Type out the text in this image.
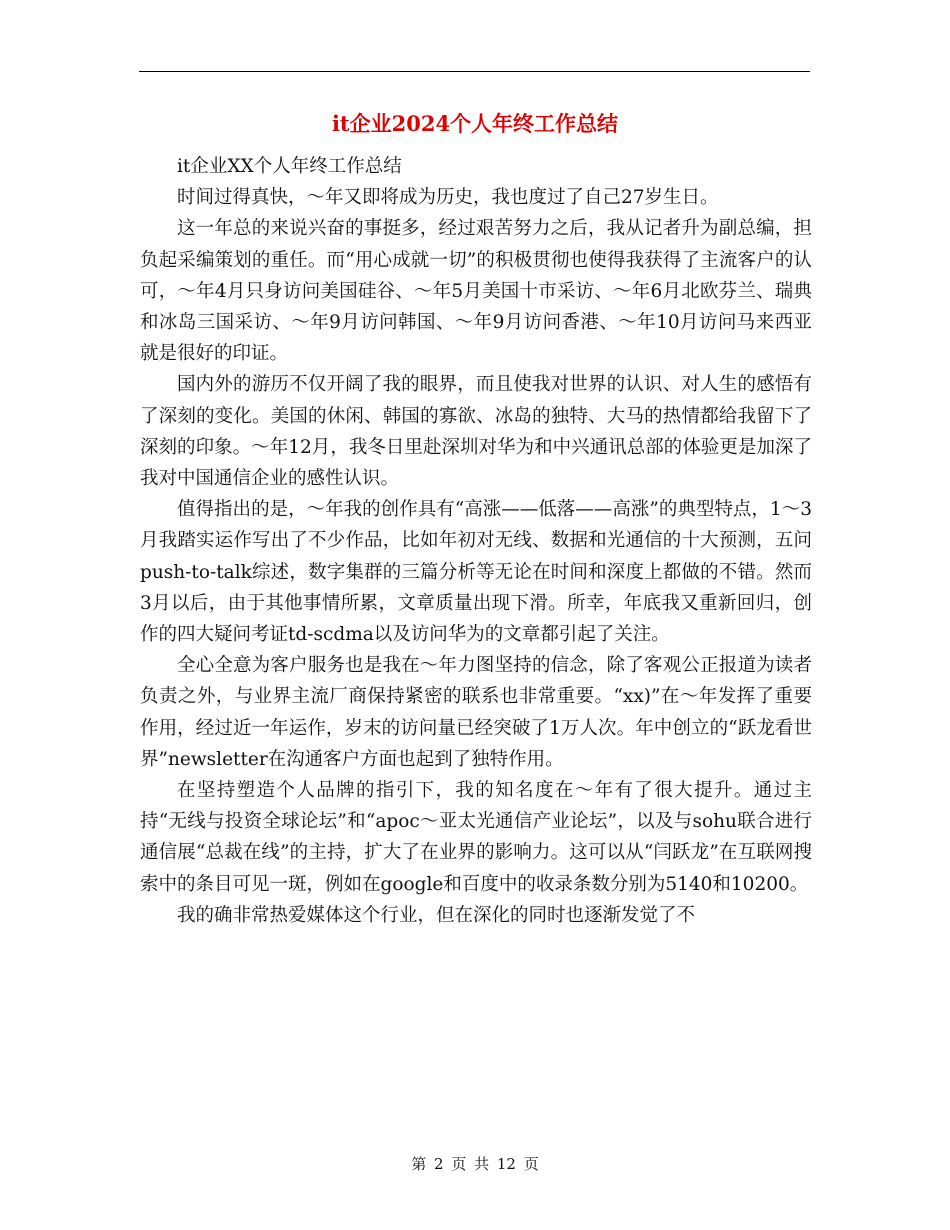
it企业2024个人年终工作总结

it企业XX个人年终工作总结

时间过得真快，～年又即将成为历史，我也度过了自己27岁生日。

这一年总的来说兴奋的事挺多，经过艰苦努力之后，我从记者升为副总编，担负起采编策划的重任。而“用心成就一切”的积极贯彻也使得我获得了主流客户的认可，～年4月只身访问美国硅谷、～年5月美国十市采访、～年6月北欧芬兰、瑞典和冰岛三国采访、～年9月访问韩国、～年9月访问香港、～年10月访问马来西亚就是很好的印证。

国内外的游历不仅开阔了我的眼界，而且使我对世界的认识、对人生的感悟有了深刻的变化。美国的休闲、韩国的寡欲、冰岛的独特、大马的热情都给我留下了深刻的印象。～年12月，我冬日里赴深圳对华为和中兴通讯总部的体验更是加深了我对中国通信企业的感性认识。

值得指出的是，～年我的创作具有“高涨——低落——高涨”的典型特点，1～3月我踏实运作写出了不少作品，比如年初对无线、数据和光通信的十大预测，五问push-to-talk综述，数字集群的三篇分析等无论在时间和深度上都做的不错。然而3月以后，由于其他事情所累，文章质量出现下滑。所幸，年底我又重新回归，创作的四大疑问考证td-scdma以及访问华为的文章都引起了关注。

全心全意为客户服务也是我在～年力图坚持的信念，除了客观公正报道为读者负责之外，与业界主流厂商保持紧密的联系也非常重要。“xx)”在～年发挥了重要作用，经过近一年运作，岁末的访问量已经突破了1万人次。年中创立的“跃龙看世界”newsletter在沟通客户方面也起到了独特作用。

在坚持塑造个人品牌的指引下，我的知名度在～年有了很大提升。通过主持“无线与投资全球论坛”和“apoc～亚太光通信产业论坛”，以及与sohu联合进行通信展“总裁在线”的主持，扩大了在业界的影响力。这可以从“闫跃龙”在互联网搜索中的条目可见一斑，例如在google和百度中的收录条数分别为5140和10200。

我的确非常热爱媒体这个行业，但在深化的同时也逐渐发觉了不

第 2 页 共 12 页
